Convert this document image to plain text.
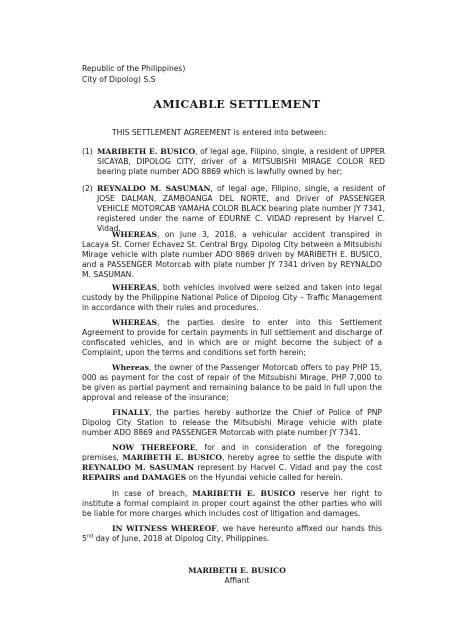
Republic of the Philippines)
City of Dipolog) S.S
AMICABLE SETTLEMENT

THIS SETTLEMENT AGREEMENT is entered into between:

(1) MARIBETH E. BUSICO, of legal age, Filipino, single, a resident of UPPER SICAYAB, DIPOLOG CITY, driver of a MITSUBISHI MIRAGE COLOR RED bearing plate number ADO 8869 which is lawfully owned by her;
(2) REYNALDO M. SASUMAN, of legal age, Filipino, single, a resident of JOSE DALMAN, ZAMBOANGA DEL NORTE, and Driver of PASSENGER VEHICLE MOTORCAB YAMAHA COLOR BLACK bearing plate number JY 7341, registered under the name of EDURNE C. VIDAD represent by Harvel C. Vidad.

WHEREAS, on June 3, 2018, a vehicular accident transpired in Lacaya St. Corner Echavez St. Central Brgy. Dipolog City between a Mitsubishi Mirage vehicle with plate number ADO 8869 driven by MARIBETH E. BUSICO, and a PASSENGER Motorcab with plate number JY 7341 driven by REYNALDO M. SASUMAN.

WHEREAS, both vehicles involved were seized and taken into legal custody by the Philippine National Police of Dipolog City – Traffic Management in accordance with their rules and procedures.

WHEREAS, the parties desire to enter into this Settlement Agreement to provide for certain payments in full settlement and discharge of confiscated vehicles, and in which are or might become the subject of a Complaint, upon the terms and conditions set forth herein;

Whereas, the owner of the Passenger Motorcab offers to pay PHP 15, 000 as payment for the cost of repair of the Mitsubishi Mirage, PHP 7,000 to be given as partial payment and remaining balance to be paid in full upon the approval and release of the insurance;

FINALLY, the parties hereby authorize the Chief of Police of PNP Dipolog City Station to release the Mitsubishi Mirage vehicle with plate number ADO 8869 and PASSENGER Motorcab with plate number JY 7341.

NOW THEREFORE, for and in consideration of the foregoing premises, MARIBETH E. BUSICO, hereby agree to settle the dispute with REYNALDO M. SASUMAN represent by Harvel C. Vidad and pay the cost REPAIRS and DAMAGES on the Hyundai vehicle called for herein.

In case of breach, MARIBETH E. BUSICO reserve her right to institute a formal complaint in proper court against the other parties who will be liable for more charges which includes cost of litigation and damages.

IN WITNESS WHEREOF, we have hereunto affixed our hands this 5nd day of June, 2018 at Dipolog City, Philippines.

MARIBETH E. BUSICO
Affiant
